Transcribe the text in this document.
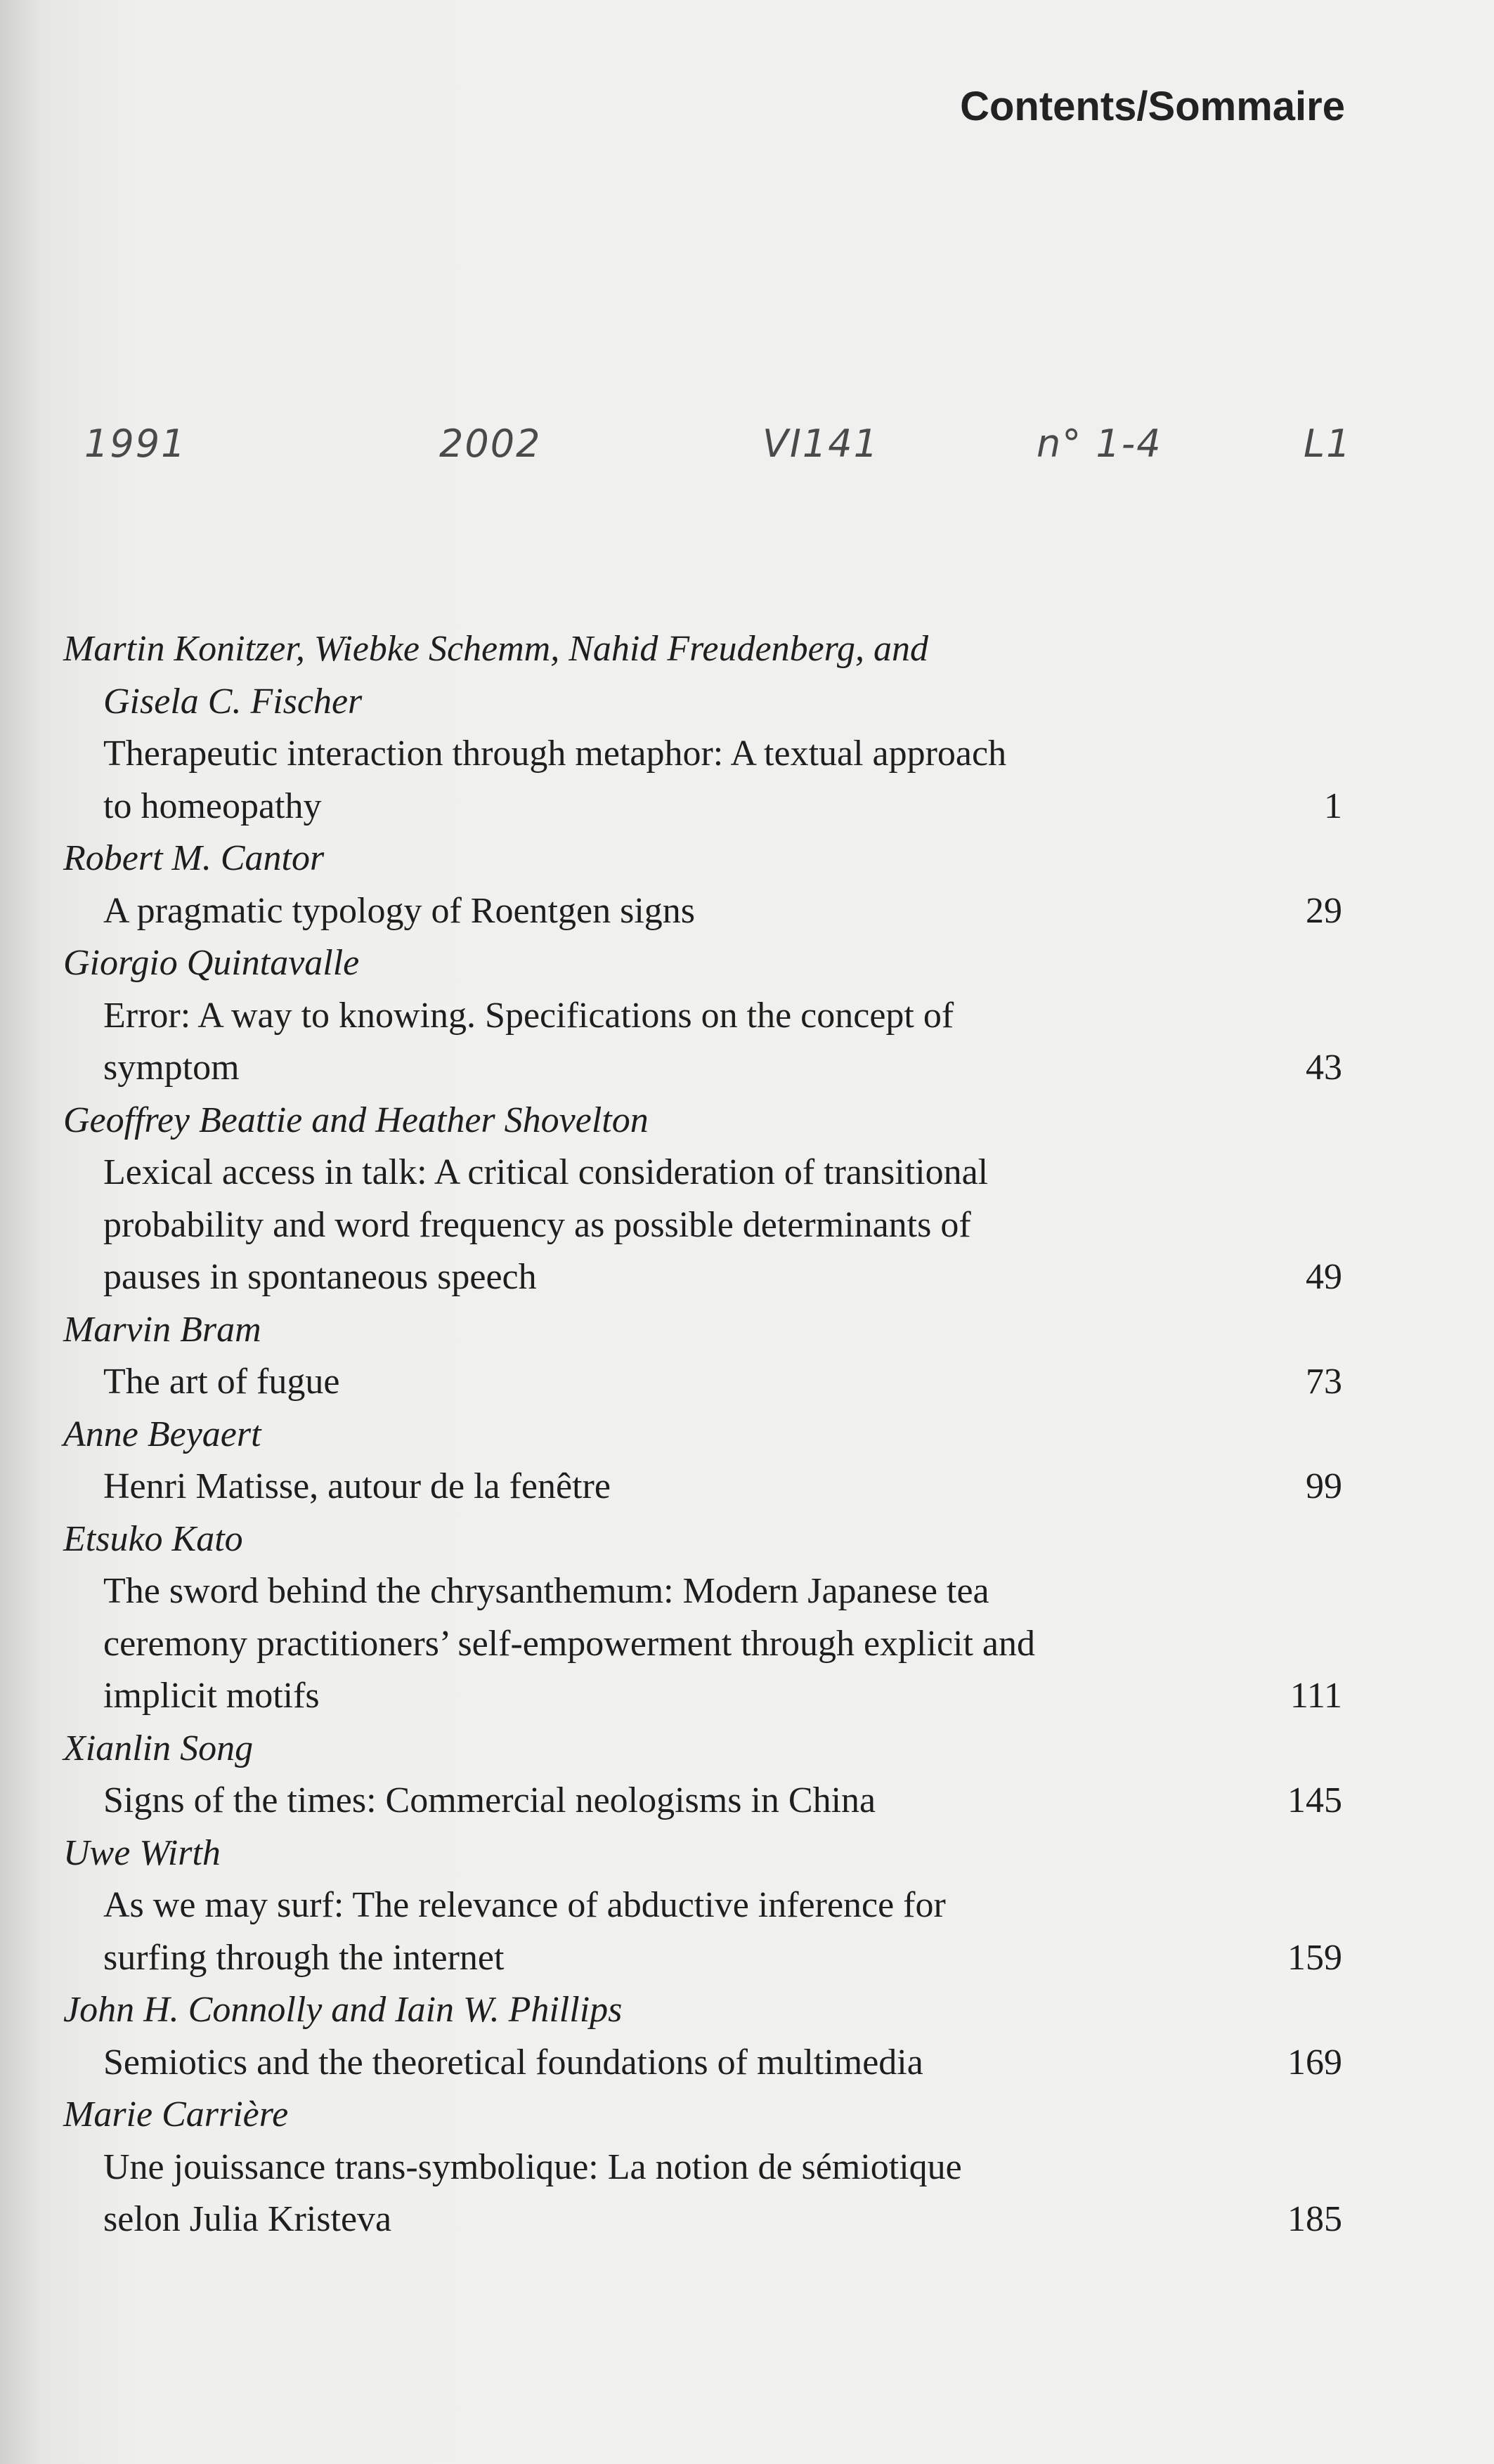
Contents/Sommaire
1991	2002	VI141	n° 1-4	L1
Martin Konitzer, Wiebke Schemm, Nahid Freudenberg, and
Gisela C. Fischer
Therapeutic interaction through metaphor: A textual approach
to homeopathy	1
Robert M. Cantor
A pragmatic typology of Roentgen signs	29
Giorgio Quintavalle
Error: A way to knowing. Specifications on the concept of
symptom	43
Geoffrey Beattie and Heather Shovelton
Lexical access in talk: A critical consideration of transitional
probability and word frequency as possible determinants of
pauses in spontaneous speech	49
Marvin Bram
The art of fugue	73
Anne Beyaert
Henri Matisse, autour de la fenêtre	99
Etsuko Kato
The sword behind the chrysanthemum: Modern Japanese tea
ceremony practitioners’ self-empowerment through explicit and
implicit motifs	111
Xianlin Song
Signs of the times: Commercial neologisms in China	145
Uwe Wirth
As we may surf: The relevance of abductive inference for
surfing through the internet	159
John H. Connolly and Iain W. Phillips
Semiotics and the theoretical foundations of multimedia	169
Marie Carrière
Une jouissance trans-symbolique: La notion de sémiotique
selon Julia Kristeva	185
